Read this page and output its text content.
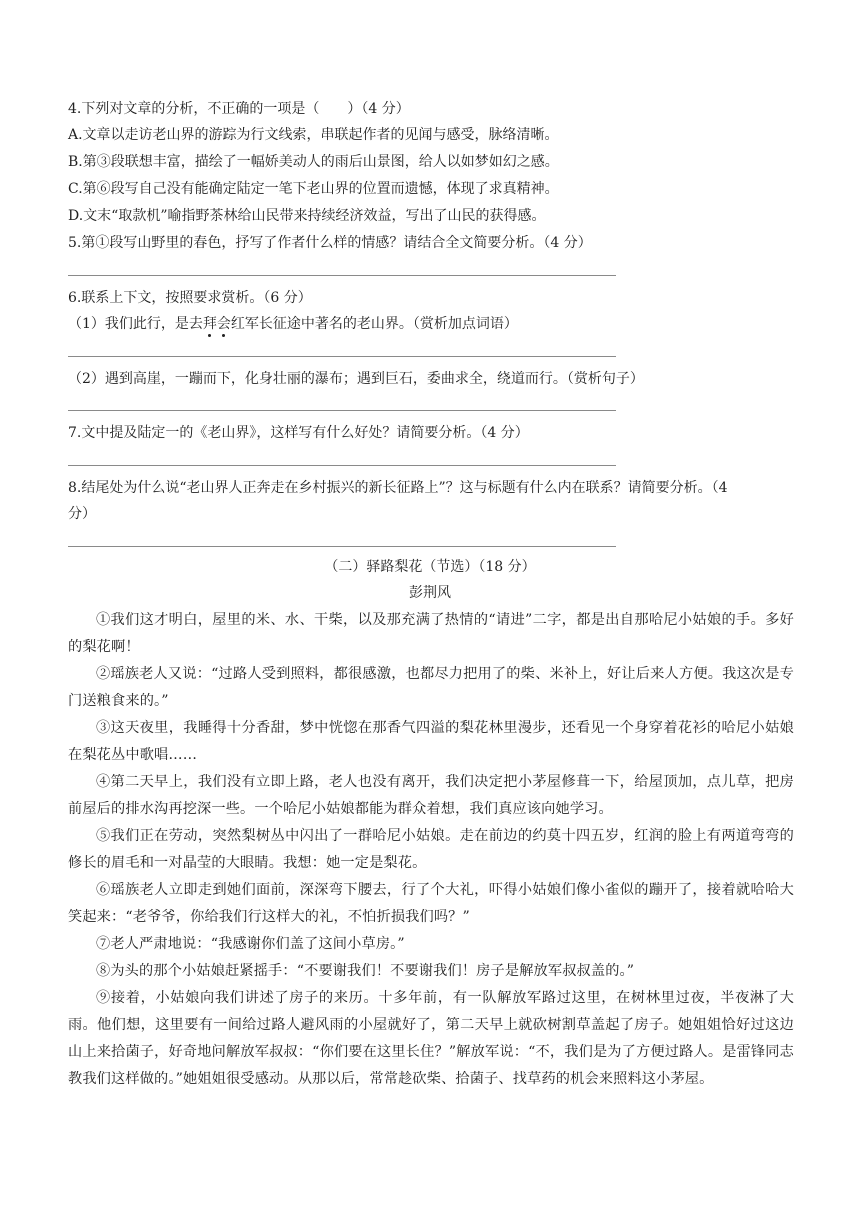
4.下列对文章的分析，不正确的一项是（　　）（4 分）
A.文章以走访老山界的游踪为行文线索，串联起作者的见闻与感受，脉络清晰。
B.第③段联想丰富，描绘了一幅娇美动人的雨后山景图，给人以如梦如幻之感。
C.第⑥段写自己没有能确定陆定一笔下老山界的位置而遗憾，体现了求真精神。
D.文末“取款机”喻指野茶林给山民带来持续经济效益，写出了山民的获得感。
5.第①段写山野里的春色，抒写了作者什么样的情感？请结合全文简要分析。（4 分）
6.联系上下文，按照要求赏析。（6 分）
（1）我们此行，是去拜会红军长征途中著名的老山界。（赏析加点词语）
（2）遇到高崖，一蹦而下，化身壮丽的瀑布；遇到巨石，委曲求全，绕道而行。（赏析句子）
7.文中提及陆定一的《老山界》，这样写有什么好处？请简要分析。（4 分）
8.结尾处为什么说“老山界人正奔走在乡村振兴的新长征路上”？这与标题有什么内在联系？请简要分析。（4
分）
（二）驿路梨花（节选）（18 分）
彭荆风
①我们这才明白，屋里的米、水、干柴，以及那充满了热情的“请进”二字，都是出自那哈尼小姑娘的手。多好的梨花啊！
②瑶族老人又说：“过路人受到照料，都很感激，也都尽力把用了的柴、米补上，好让后来人方便。我这次是专门送粮食来的。”
③这天夜里，我睡得十分香甜，梦中恍惚在那香气四溢的梨花林里漫步，还看见一个身穿着花衫的哈尼小姑娘在梨花丛中歌唱……
④第二天早上，我们没有立即上路，老人也没有离开，我们决定把小茅屋修葺一下，给屋顶加，点儿草，把房前屋后的排水沟再挖深一些。一个哈尼小姑娘都能为群众着想，我们真应该向她学习。
⑤我们正在劳动，突然梨树丛中闪出了一群哈尼小姑娘。走在前边的约莫十四五岁，红润的脸上有两道弯弯的修长的眉毛和一对晶莹的大眼睛。我想：她一定是梨花。
⑥瑶族老人立即走到她们面前，深深弯下腰去，行了个大礼，吓得小姑娘们像小雀似的蹦开了，接着就哈哈大笑起来：“老爷爷，你给我们行这样大的礼，不怕折损我们吗？”
⑦老人严肃地说：“我感谢你们盖了这间小草房。”
⑧为头的那个小姑娘赶紧摇手：“不要谢我们！不要谢我们！房子是解放军叔叔盖的。”
⑨接着，小姑娘向我们讲述了房子的来历。十多年前，有一队解放军路过这里，在树林里过夜，半夜淋了大雨。他们想，这里要有一间给过路人避风雨的小屋就好了，第二天早上就砍树割草盖起了房子。她姐姐恰好过这边山上来拾菌子，好奇地问解放军叔叔：“你们要在这里长住？”解放军说：“不，我们是为了方便过路人。是雷锋同志教我们这样做的。”她姐姐很受感动。从那以后，常常趁砍柴、拾菌子、找草药的机会来照料这小茅屋。
